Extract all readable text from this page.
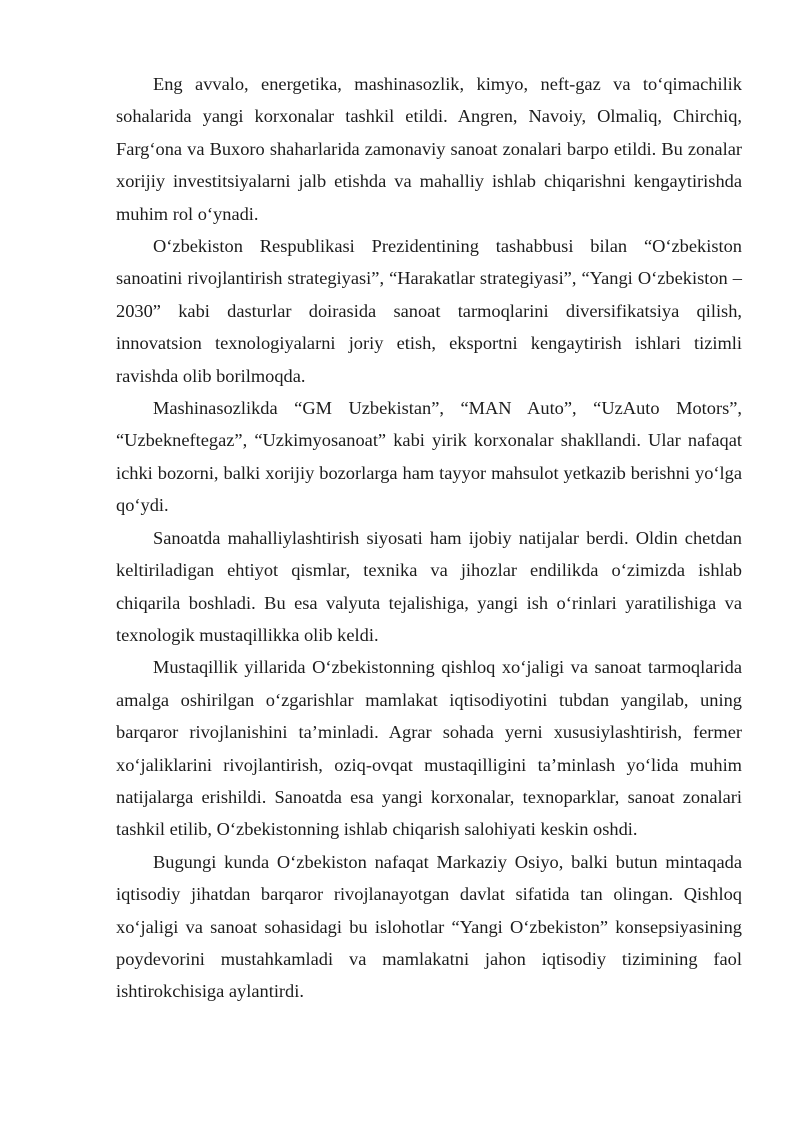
Eng avvalo, energetika, mashinasozlik, kimyo, neft-gaz va to‘qimachilik sohalarida yangi korxonalar tashkil etildi. Angren, Navoiy, Olmaliq, Chirchiq, Farg‘ona va Buxoro shaharlarida zamonaviy sanoat zonalari barpo etildi. Bu zonalar xorijiy investitsiyalarni jalb etishda va mahalliy ishlab chiqarishni kengaytirishda muhim rol o‘ynadi.

O‘zbekiston Respublikasi Prezidentining tashabbusi bilan “O‘zbekiston sanoatini rivojlantirish strategiyasi”, “Harakatlar strategiyasi”, “Yangi O‘zbekiston – 2030” kabi dasturlar doirasida sanoat tarmoqlarini diversifikatsiya qilish, innovatsion texnologiyalarni joriy etish, eksportni kengaytirish ishlari tizimli ravishda olib borilmoqda.

Mashinasozlikda “GM Uzbekistan”, “MAN Auto”, “UzAuto Motors”, “Uzbekneftegaz”, “Uzkimyosanoat” kabi yirik korxonalar shakllandi. Ular nafaqat ichki bozorni, balki xorijiy bozorlarga ham tayyor mahsulot yetkazib berishni yo‘lga qo‘ydi.

Sanoatda mahalliylashtirish siyosati ham ijobiy natijalar berdi. Oldin chetdan keltiriladigan ehtiyot qismlar, texnika va jihozlar endilikda o‘zimizda ishlab chiqarila boshladi. Bu esa valyuta tejalishiga, yangi ish o‘rinlari yaratilishiga va texnologik mustaqillikka olib keldi.

Mustaqillik yillarida O‘zbekistonning qishloq xo‘jaligi va sanoat tarmoqlarida amalga oshirilgan o‘zgarishlar mamlakat iqtisodiyotini tubdan yangilab, uning barqaror rivojlanishini ta’minladi. Agrar sohada yerni xususiylashtirish, fermer xo‘jaliklarini rivojlantirish, oziq-ovqat mustaqilligini ta’minlash yo‘lida muhim natijalarga erishildi. Sanoatda esa yangi korxonalar, texnoparklar, sanoat zonalari tashkil etilib, O‘zbekistonning ishlab chiqarish salohiyati keskin oshdi.

Bugungi kunda O‘zbekiston nafaqat Markaziy Osiyo, balki butun mintaqada iqtisodiy jihatdan barqaror rivojlanayotgan davlat sifatida tan olingan. Qishloq xo‘jaligi va sanoat sohasidagi bu islohotlar “Yangi O‘zbekiston” konsepsiyasining poydevorini mustahkamladi va mamlakatni jahon iqtisodiy tizimining faol ishtirokchisiga aylantirdi.
